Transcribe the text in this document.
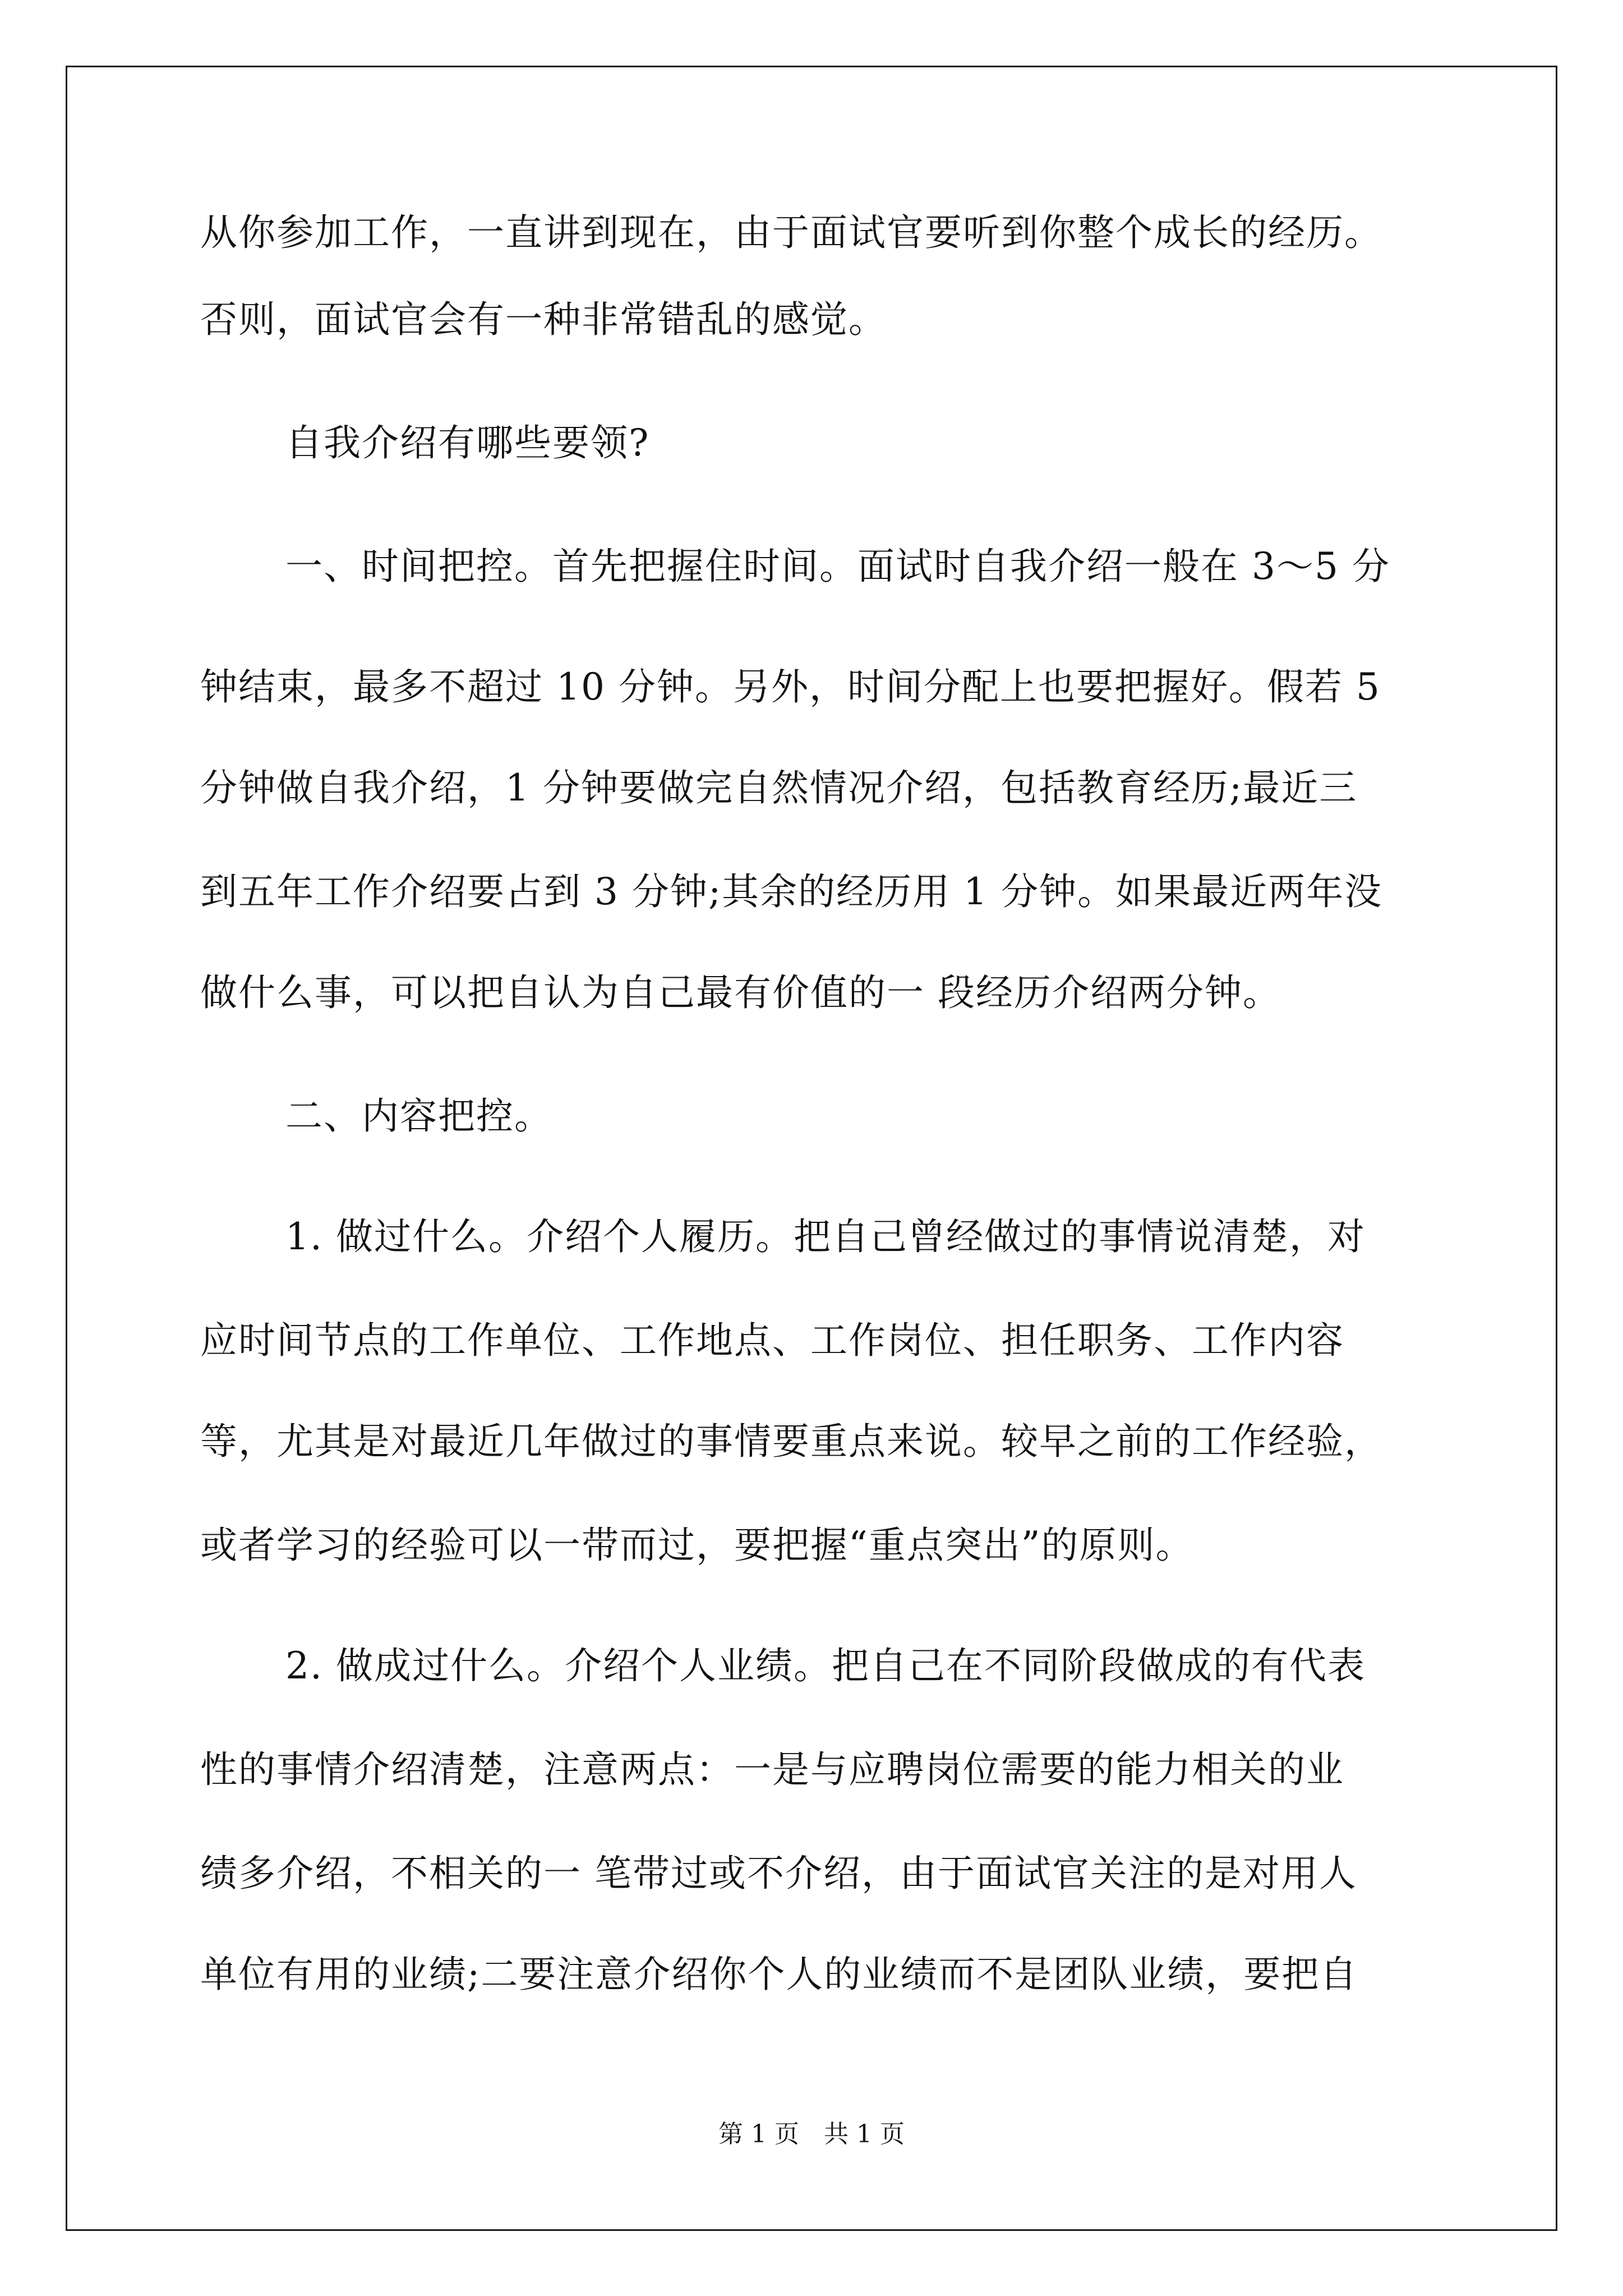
从你参加工作，一直讲到现在，由于面试官要听到你整个成长的经历。
否则，面试官会有一种非常错乱的感觉。
自我介绍有哪些要领?
一、时间把控。首先把握住时间。面试时自我介绍一般在 3～5 分
钟结束，最多不超过 10 分钟。另外，时间分配上也要把握好。假若 5
分钟做自我介绍，1 分钟要做完自然情况介绍，包括教育经历;最近三
到五年工作介绍要占到 3 分钟;其余的经历用 1 分钟。如果最近两年没
做什么事，可以把自认为自己最有价值的一 段经历介绍两分钟。
二、内容把控。
1. 做过什么。介绍个人履历。把自己曾经做过的事情说清楚，对
应时间节点的工作单位、工作地点、工作岗位、担任职务、工作内容
等，尤其是对最近几年做过的事情要重点来说。较早之前的工作经验，
或者学习的经验可以一带而过，要把握“重点突出”的原则。
2. 做成过什么。介绍个人业绩。把自己在不同阶段做成的有代表
性的事情介绍清楚，注意两点：一是与应聘岗位需要的能力相关的业
绩多介绍，不相关的一 笔带过或不介绍，由于面试官关注的是对用人
单位有用的业绩;二要注意介绍你个人的业绩而不是团队业绩，要把自
第 1 页　共 1 页
